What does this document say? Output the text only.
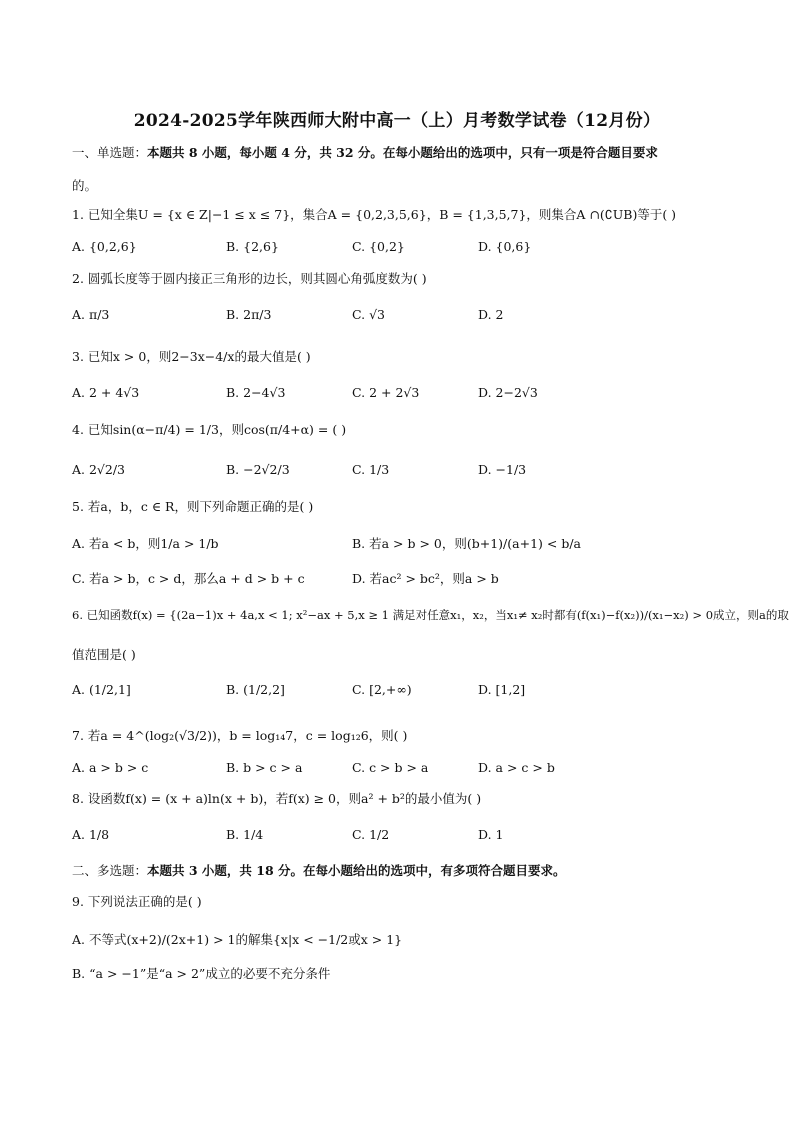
2024-2025学年陕西师大附中高一（上）月考数学试卷（12月份）
一、单选题：本题共 8 小题，每小题 4 分，共 32 分。在每小题给出的选项中，只有一项是符合题目要求
的。
1. 已知全集U = {x ∈ Z|−1 ≤ x ≤ 7}，集合A = {0,2,3,5,6}，B = {1,3,5,7}，则集合A ∩(∁UB)等于( )
A. {0,2,6}	B. {2,6}	C. {0,2}	D. {0,6}
2. 圆弧长度等于圆内接正三角形的边长，则其圆心角弧度数为( )
A. π/3	B. 2π/3	C. √3	D. 2
3. 已知x > 0，则2−3x−4/x的最大值是( )
A. 2 + 4√3	B. 2−4√3	C. 2 + 2√3	D. 2−2√3
4. 已知sin(α−π/4) = 1/3，则cos(π/4+α) = ( )
A. 2√2/3	B. −2√2/3	C. 1/3	D. −1/3
5. 若a，b，c ∈ R，则下列命题正确的是( )
A. 若a < b，则1/a > 1/b	B. 若a > b > 0，则(b+1)/(a+1) < b/a
C. 若a > b，c > d，那么a + d > b + c	D. 若ac² > bc²，则a > b
6. 已知函数f(x) = {(2a−1)x + 4a,x < 1; x²−ax + 5,x ≥ 1 满足对任意x₁，x₂，当x₁≠ x₂时都有(f(x₁)−f(x₂))/(x₁−x₂) > 0成立，则a的取
值范围是( )
A. (1/2,1]	B. (1/2,2]	C. [2,+∞)	D. [1,2]
7. 若a = 4^(log₂(√3/2))，b = log₁₄7，c = log₁₂6，则( )
A. a > b > c	B. b > c > a	C. c > b > a	D. a > c > b
8. 设函数f(x) = (x + a)ln(x + b)，若f(x) ≥ 0，则a² + b²的最小值为( )
A. 1/8	B. 1/4	C. 1/2	D. 1
二、多选题：本题共 3 小题，共 18 分。在每小题给出的选项中，有多项符合题目要求。
9. 下列说法正确的是( )
A. 不等式(x+2)/(2x+1) > 1的解集{x|x < −1/2或x > 1}
B. “a > −1”是“a > 2”成立的必要不充分条件
